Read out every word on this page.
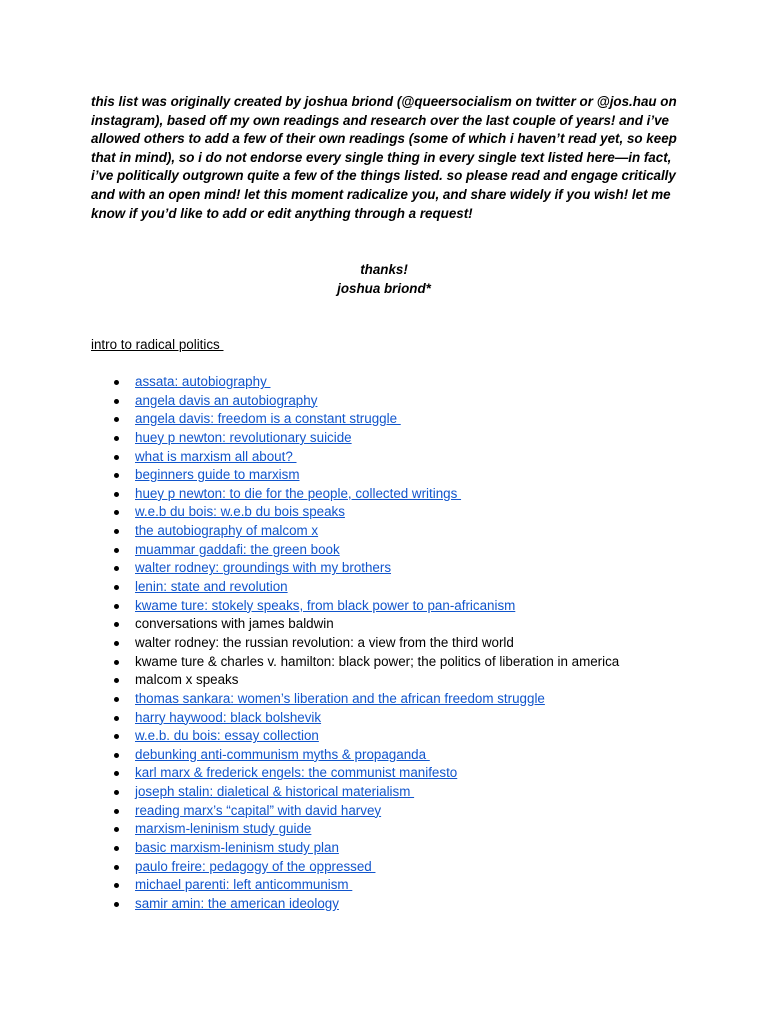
this list was originally created by joshua briond (@queersocialism on twitter or @jos.hau on instagram), based off my own readings and research over the last couple of years! and i’ve allowed others to add a few of their own readings (some of which i haven’t read yet, so keep that in mind), so i do not endorse every single thing in every single text listed here—in fact, i’ve politically outgrown quite a few of the things listed. so please read and engage critically and with an open mind! let this moment radicalize you, and share widely if you wish! let me know if you’d like to add or edit anything through a request!

thanks!

joshua briond*

intro to radical politics

assata: autobiography
angela davis an autobiography
angela davis: freedom is a constant struggle
huey p newton: revolutionary suicide
what is marxism all about?
beginners guide to marxism
huey p newton: to die for the people, collected writings
w.e.b du bois: w.e.b du bois speaks
the autobiography of malcom x
muammar gaddafi: the green book
walter rodney: groundings with my brothers
lenin: state and revolution
kwame ture: stokely speaks, from black power to pan-africanism
conversations with james baldwin
walter rodney: the russian revolution: a view from the third world
kwame ture & charles v. hamilton: black power; the politics of liberation in america
malcom x speaks
thomas sankara: women’s liberation and the african freedom struggle
harry haywood: black bolshevik
w.e.b. du bois: essay collection
debunking anti-communism myths & propaganda
karl marx & frederick engels: the communist manifesto
joseph stalin: dialetical & historical materialism
reading marx’s “capital” with david harvey
marxism-leninism study guide
basic marxism-leninism study plan
paulo freire: pedagogy of the oppressed
michael parenti: left anticommunism
samir amin: the american ideology
